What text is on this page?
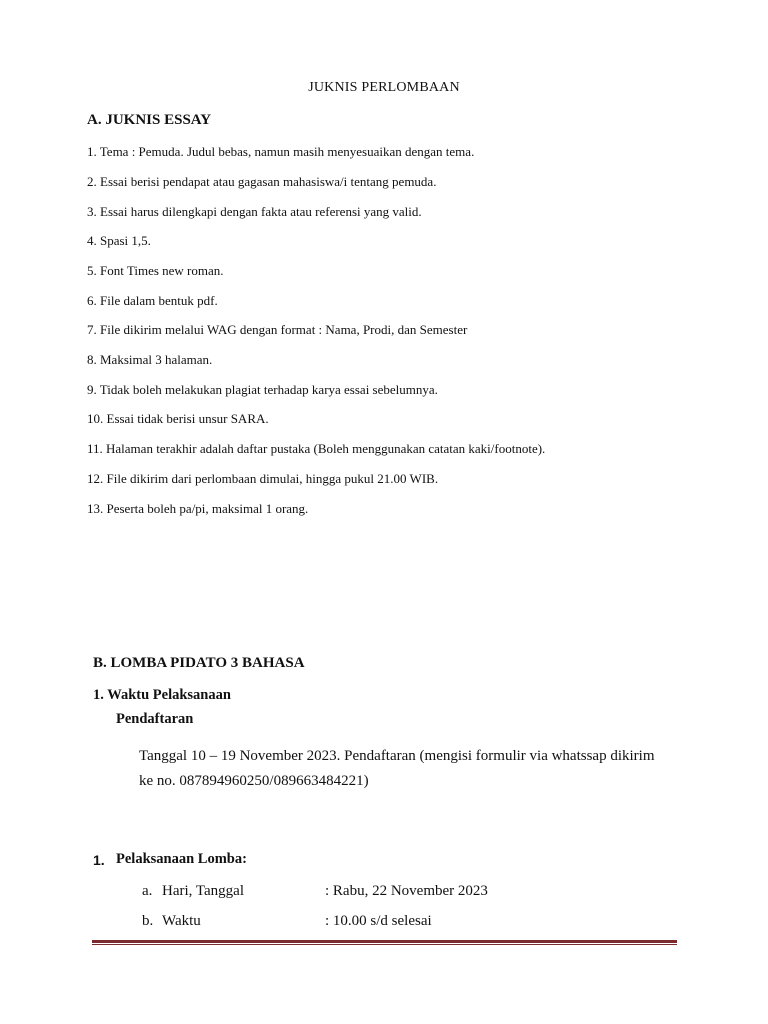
JUKNIS PERLOMBAAN
A. JUKNIS ESSAY
1. Tema : Pemuda. Judul bebas, namun masih menyesuaikan dengan tema.
2. Essai berisi pendapat atau gagasan mahasiswa/i tentang pemuda.
3. Essai harus dilengkapi dengan fakta atau referensi yang valid.
4. Spasi 1,5.
5. Font Times new roman.
6. File dalam bentuk pdf.
7. File dikirim melalui WAG dengan format : Nama, Prodi, dan Semester
8. Maksimal 3 halaman.
9. Tidak boleh melakukan plagiat terhadap karya essai sebelumnya.
10. Essai tidak berisi unsur SARA.
11. Halaman terakhir adalah daftar pustaka (Boleh menggunakan catatan kaki/footnote).
12. File dikirim dari perlombaan dimulai, hingga pukul 21.00 WIB.
13. Peserta boleh pa/pi, maksimal 1 orang.
B. LOMBA PIDATO 3 BAHASA
1. Waktu Pelaksanaan
Pendaftaran
Tanggal 10 – 19 November 2023. Pendaftaran (mengisi formulir via whatssap dikirim
ke no. 087894960250/089663484221)
1. Pelaksanaan Lomba:
a. Hari, Tanggal	: Rabu, 22 November 2023
b. Waktu	: 10.00 s/d selesai
